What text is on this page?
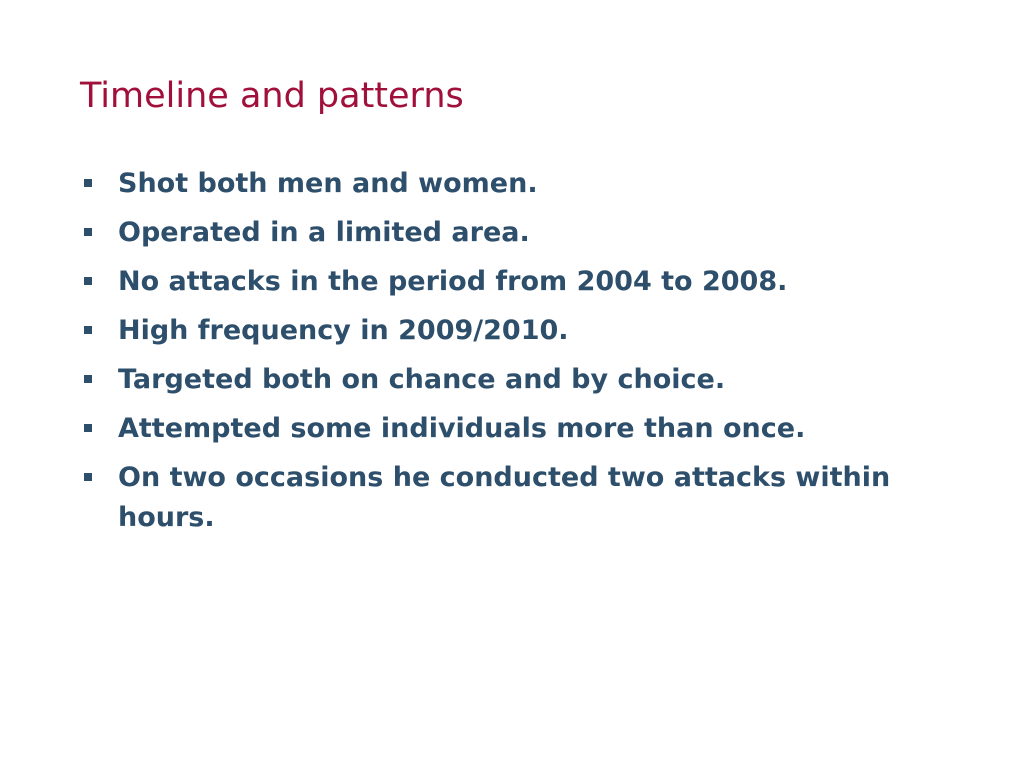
Timeline and patterns
Shot both men and women.
Operated in a limited area.
No attacks in the period from 2004 to 2008.
High frequency in 2009/2010.
Targeted both on chance and by choice.
Attempted some individuals more than once.
On two occasions he conducted two attacks within hours.
